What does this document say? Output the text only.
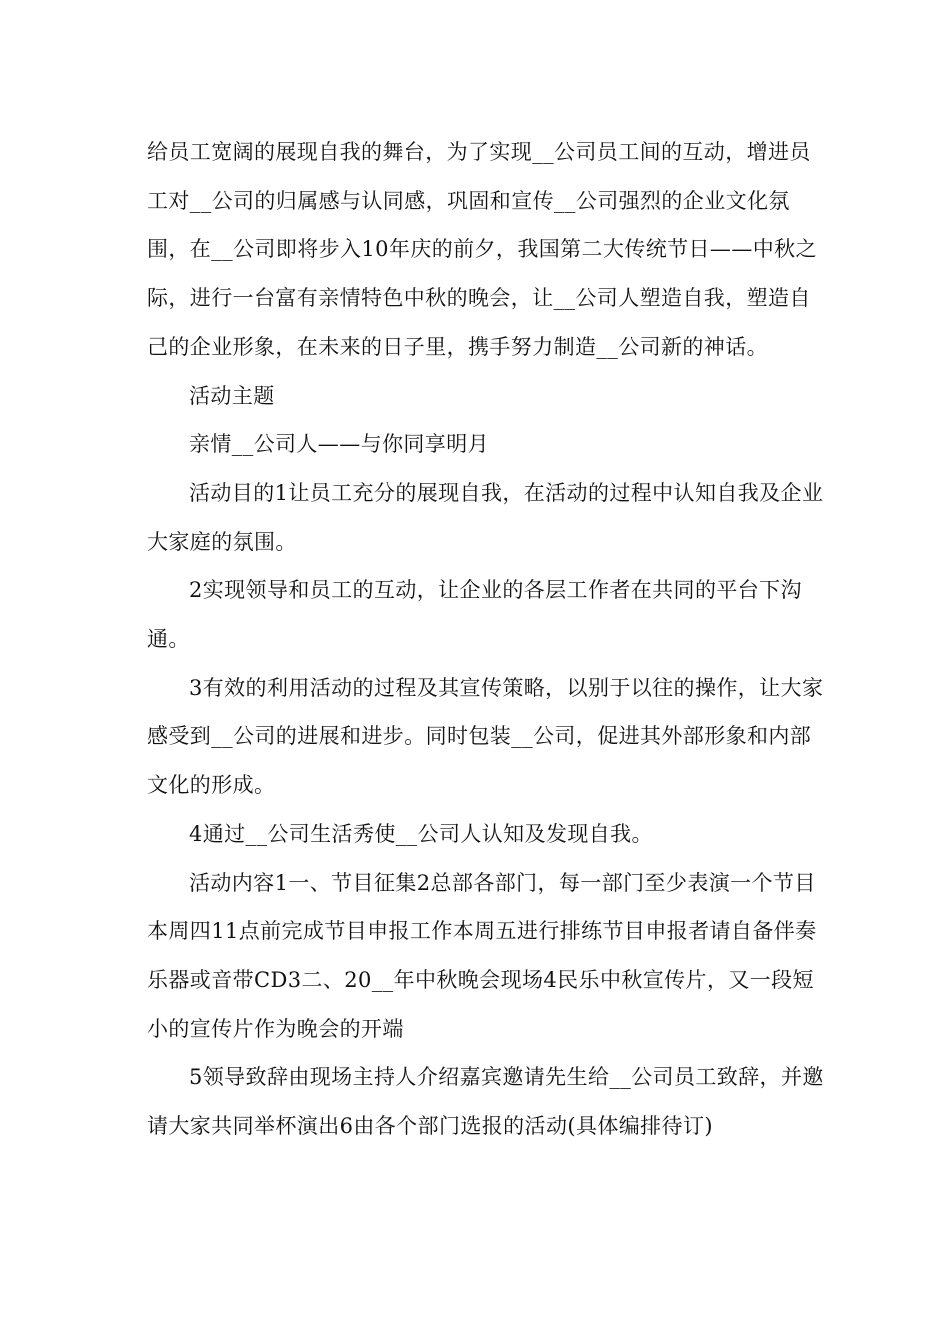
给员工宽阔的展现自我的舞台，为了实现__公司员工间的互动，增进员工对__公司的归属感与认同感，巩固和宣传__公司强烈的企业文化氛围，在__公司即将步入10年庆的前夕，我国第二大传统节日——中秋之际，进行一台富有亲情特色中秋的晚会，让__公司人塑造自我，塑造自己的企业形象，在未来的日子里，携手努力制造__公司新的神话。

活动主题

亲情__公司人——与你同享明月

活动目的1让员工充分的展现自我，在活动的过程中认知自我及企业大家庭的氛围。

2实现领导和员工的互动，让企业的各层工作者在共同的平台下沟通。

3有效的利用活动的过程及其宣传策略，以别于以往的操作，让大家感受到__公司的进展和进步。同时包装__公司，促进其外部形象和内部文化的形成。

4通过__公司生活秀使__公司人认知及发现自我。

活动内容1一、节目征集2总部各部门，每一部门至少表演一个节目本周四11点前完成节目申报工作本周五进行排练节目申报者请自备伴奏乐器或音带CD3二、20__年中秋晚会现场4民乐中秋宣传片，又一段短小的宣传片作为晚会的开端

5领导致辞由现场主持人介绍嘉宾邀请先生给__公司员工致辞，并邀请大家共同举杯演出6由各个部门选报的活动(具体编排待订)
